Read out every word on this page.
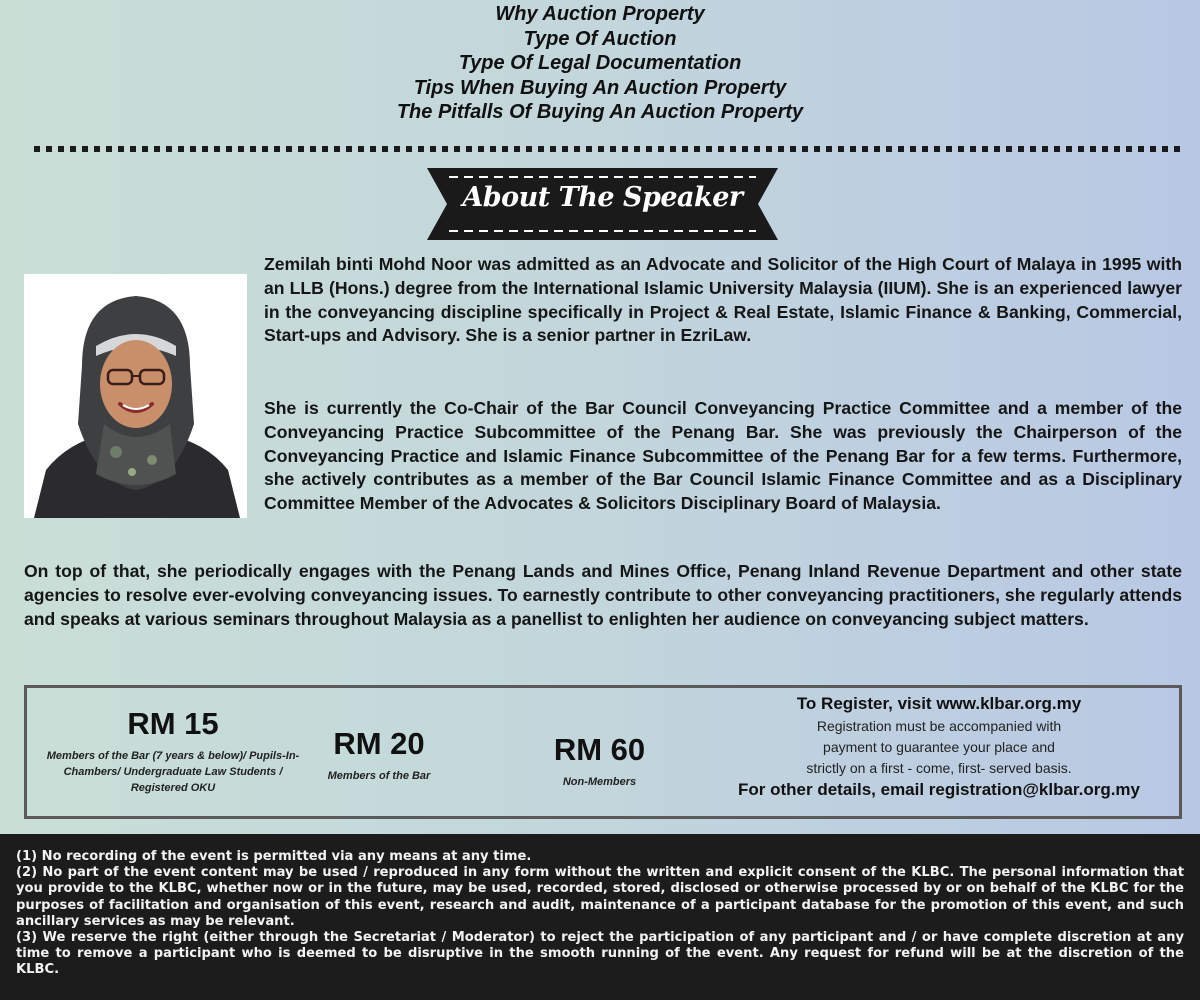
Why Auction Property
Type Of Auction
Type Of Legal Documentation
Tips When Buying An Auction Property
The Pitfalls Of Buying An Auction Property
About The Speaker
Zemilah binti Mohd Noor was admitted as an Advocate and Solicitor of the High Court of Malaya in 1995 with an LLB (Hons.) degree from the International Islamic University Malaysia (IIUM). She is an experienced lawyer in the conveyancing discipline specifically in Project & Real Estate, Islamic Finance & Banking, Commercial, Start-ups and Advisory. She is a senior partner in EzriLaw.
She is currently the Co-Chair of the Bar Council Conveyancing Practice Committee and a member of the Conveyancing Practice Subcommittee of the Penang Bar. She was previously the Chairperson of the Conveyancing Practice and Islamic Finance Subcommittee of the Penang Bar for a few terms. Furthermore, she actively contributes as a member of the Bar Council Islamic Finance Committee and as a Disciplinary Committee Member of the Advocates & Solicitors Disciplinary Board of Malaysia.
On top of that, she periodically engages with the Penang Lands and Mines Office, Penang Inland Revenue Department and other state agencies to resolve ever-evolving conveyancing issues. To earnestly contribute to other conveyancing practitioners, she regularly attends and speaks at various seminars throughout Malaysia as a panellist to enlighten her audience on conveyancing subject matters.
RM 15
Members of the Bar (7 years & below)/ Pupils-In-Chambers/ Undergraduate Law Students / Registered OKU
RM 20
Members of the Bar
RM 60
Non-Members
To Register, visit www.klbar.org.my
Registration must be accompanied with
payment to guarantee your place and
strictly on a first - come, first- served basis.
For other details, email registration@klbar.org.my

(1) No recording of the event is permitted via any means at any time.

(2) No part of the event content may be used / reproduced in any form without the written and explicit consent of the KLBC. The personal information that you provide to the KLBC, whether now or in the future, may be used, recorded, stored, disclosed or otherwise processed by or on behalf of the KLBC for the purposes of facilitation and organisation of this event, research and audit, maintenance of a participant database for the promotion of this event, and such ancillary services as may be relevant.

(3) We reserve the right (either through the Secretariat / Moderator) to reject the participation of any participant and / or have complete discretion at any time to remove a participant who is deemed to be disruptive in the smooth running of the event. Any request for refund will be at the discretion of the KLBC.
